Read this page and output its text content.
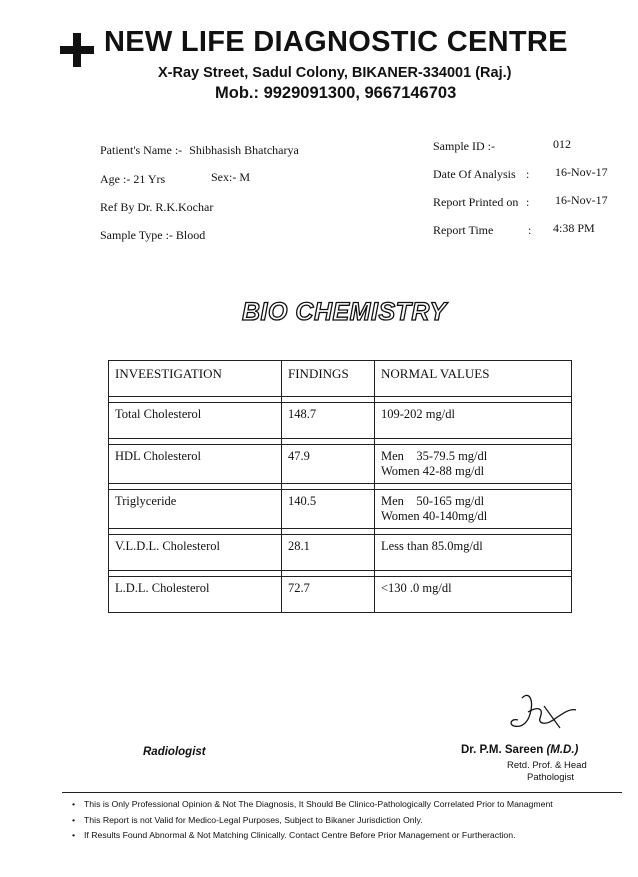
NEW LIFE DIAGNOSTIC CENTRE
X-Ray Street, Sadul Colony, BIKANER-334001 (Raj.)
Mob.: 9929091300, 9667146703
Patient's Name :- Shibhasish Bhatcharya
Age :- 21 Yrs	Sex:- M
Ref By Dr. R.K.Kochar
Sample Type :- Blood
Sample ID :-	012
Date Of Analysis : 16-Nov-17
Report Printed on : 16-Nov-17
Report Time	: 4:38 PM
BIO CHEMISTRY
INVEESTIGATION	FINDINGS	NORMAL VALUES

Total Cholesterol	148.7	109-202 mg/dl

HDL Cholesterol	47.9	Men    35-79.5 mg/dl
Women 42-88 mg/dl

Triglyceride	140.5	Men    50-165 mg/dl
Women 40-140mg/dl

V.L.D.L. Cholesterol	28.1	Less than 85.0mg/dl

L.D.L. Cholesterol	72.7	<130 .0 mg/dl
Radiologist	Dr. P.M. Sareen (M.D.)
Retd. Prof. & Head
Pathologist
• This is Only Professional Opinion & Not The Diagnosis, It Should Be Clinico-Pathologically Correlated Prior to Managment
• This Report is not Valid for Medico-Legal Purposes, Subject to Bikaner Jurisdiction Only.
• If Results Found Abnormal & Not Matching Clinically. Contact Centre Before Prior Management or Furtheraction.
